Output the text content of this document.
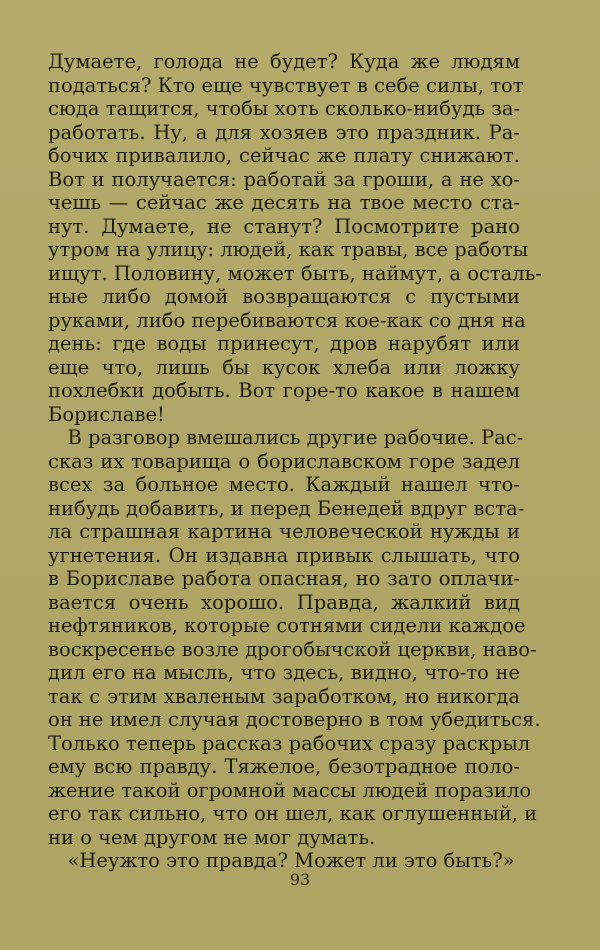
Думаете, голода не будет? Куда же людям
податься? Кто еще чувствует в себе силы, тот
сюда тащится, чтобы хоть сколько-нибудь за-
работать. Ну, а для хозяев это праздник. Ра-
бочих привалило, сейчас же плату снижают.
Вот и получается: работай за гроши, а не хо-
чешь — сейчас же десять на твое место ста-
нут. Думаете, не станут? Посмотрите рано
утром на улицу: людей, как травы, все работы
ищут. Половину, может быть, наймут, а осталь-
ные либо домой возвращаются с пустыми
руками, либо перебиваются кое-как со дня на
день: где воды принесут, дров нарубят или
еще что, лишь бы кусок хлеба или ложку
похлебки добыть. Вот горе-то какое в нашем
Бориславе!
В разговор вмешались другие рабочие. Рас-
сказ их товарища о бориславском горе задел
всех за больное место. Каждый нашел что-
нибудь добавить, и перед Бенедей вдруг вста-
ла страшная картина человеческой нужды и
угнетения. Он издавна привык слышать, что
в Бориславе работа опасная, но зато оплачи-
вается очень хорошо. Правда, жалкий вид
нефтяников, которые сотнями сидели каждое
воскресенье возле дрогобычской церкви, наво-
дил его на мысль, что здесь, видно, что-то не
так с этим хваленым заработком, но никогда
он не имел случая достоверно в том убедиться.
Только теперь рассказ рабочих сразу раскрыл
ему всю правду. Тяжелое, безотрадное поло-
жение такой огромной массы людей поразило
его так сильно, что он шел, как оглушенный, и
ни о чем другом не мог думать.
«Неужто это правда? Может ли это быть?»
93
